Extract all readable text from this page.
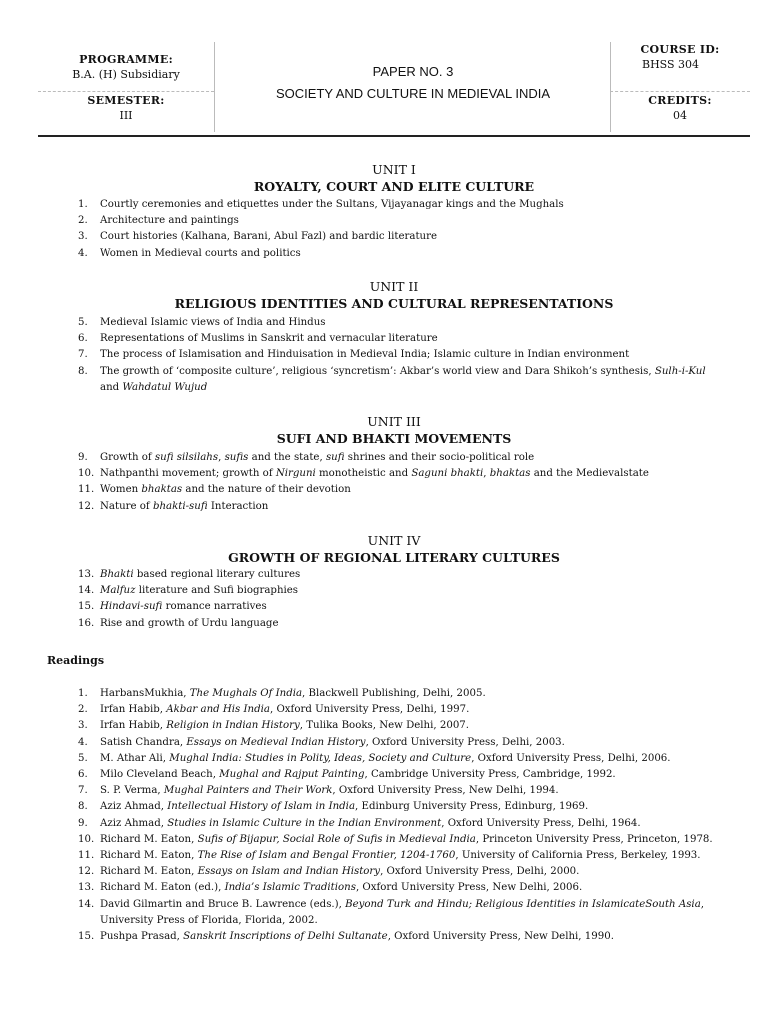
PROGRAMME:
B.A. (H) Subsidiary
SEMESTER:
III
PAPER NO. 3
SOCIETY AND CULTURE IN MEDIEVAL INDIA
COURSE ID:
BHSS 304
CREDITS:
04
UNIT I
ROYALTY, COURT AND ELITE CULTURE
1.	Courtly ceremonies and etiquettes under the Sultans, Vijayanagar kings and the Mughals
2.	Architecture and paintings
3.	Court histories (Kalhana, Barani, Abul Fazl) and bardic literature
4.	Women in Medieval courts and politics
UNIT II
RELIGIOUS IDENTITIES AND CULTURAL REPRESENTATIONS
5.	Medieval Islamic views of India and Hindus
6.	Representations of Muslims in Sanskrit and vernacular literature
7.	The process of Islamisation and Hinduisation in Medieval India; Islamic culture in Indian environment
8.	The growth of ‘composite culture’, religious ‘syncretism’: Akbar’s world view and Dara Shikoh’s synthesis, Sulh-i-Kul and Wahdatul Wujud
UNIT III
SUFI AND BHAKTI MOVEMENTS
9.	Growth of sufi silsilahs, sufis and the state, sufi shrines and their socio-political role
10. Nathpanthi movement; growth of Nirguni monotheistic and Saguni bhakti, bhaktas and the Medievalstate
11. Women bhaktas and the nature of their devotion
12. Nature of bhakti-sufi Interaction
UNIT IV
GROWTH OF REGIONAL LITERARY CULTURES
13. Bhakti based regional literary cultures
14. Malfuz literature and Sufi biographies
15. Hindavi-sufi romance narratives
16. Rise and growth of Urdu language
Readings
1.	HarbansMukhia, The Mughals Of India, Blackwell Publishing, Delhi, 2005.
2.	Irfan Habib, Akbar and His India, Oxford University Press, Delhi, 1997.
3.	Irfan Habib, Religion in Indian History, Tulika Books, New Delhi, 2007.
4.	Satish Chandra, Essays on Medieval Indian History, Oxford University Press, Delhi, 2003.
5.	M. Athar Ali, Mughal India: Studies in Polity, Ideas, Society and Culture, Oxford University Press, Delhi, 2006.
6.	Milo Cleveland Beach, Mughal and Rajput Painting, Cambridge University Press, Cambridge, 1992.
7.	S. P. Verma, Mughal Painters and Their Work, Oxford University Press, New Delhi, 1994.
8.	Aziz Ahmad, Intellectual History of Islam in India, Edinburg University Press, Edinburg, 1969.
9.	Aziz Ahmad, Studies in Islamic Culture in the Indian Environment, Oxford University Press, Delhi, 1964.
10. Richard M. Eaton, Sufis of Bijapur, Social Role of Sufis in Medieval India, Princeton University Press, Princeton, 1978.
11. Richard M. Eaton, The Rise of Islam and Bengal Frontier, 1204-1760, University of California Press, Berkeley, 1993.
12. Richard M. Eaton, Essays on Islam and Indian History, Oxford University Press, Delhi, 2000.
13. Richard M. Eaton (ed.), India’s Islamic Traditions, Oxford University Press, New Delhi, 2006.
14. David Gilmartin and Bruce B. Lawrence (eds.), Beyond Turk and Hindu; Religious Identities in IslamicateSouth Asia, University Press of Florida, Florida, 2002.
15. Pushpa Prasad, Sanskrit Inscriptions of Delhi Sultanate, Oxford University Press, New Delhi, 1990.
